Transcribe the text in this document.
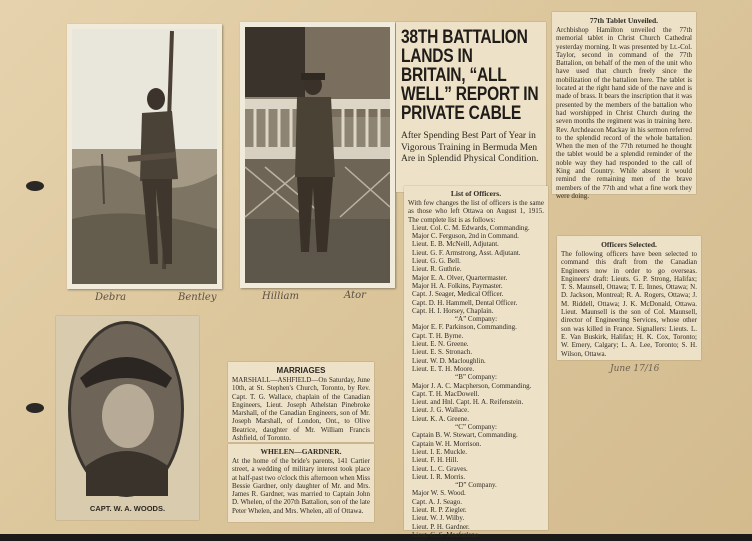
Debra	Bentley	Hilliam	Ator
CAPT. W. A. WOODS.
38TH BATTALION LANDS IN BRITAIN, “ALL WELL” REPORT IN PRIVATE CABLE
After Spending Best Part of Year in Vigorous Training in Bermuda Men Are in Splendid Physical Condition.
List of Officers.
With few changes the list of officers is the same as those who left Ottawa on August 1, 1915. The complete list is as follows:
Lieut. Col. C. M. Edwards, Commanding.
Major C. Ferguson, 2nd in Command.
Lieut. E. B. McNeill, Adjutant.
Lieut. G. F. Armstrong, Asst. Adjutant.
Lieut. G. G. Bell.
Lieut. R. Guthrie.
Major E. A. Olver, Quartermaster.
Major H. A. Folkins, Paymaster.
Capt. J. Seager, Medical Officer.
Capt. D. H. Hammell, Dental Officer.
Capt. H. I. Horsey, Chaplain.
“A” Company:
Major E. F. Parkinson, Commanding.
Capt. T. H. Byrne.
Lieut. E. N. Greene.
Lieut. E. S. Stronach.
Lieut. W. D. Macloughlin.
Lieut. E. T. H. Moore.
“B” Company:
Major J. A. C. Macpherson, Commanding.
Capt. T. H. MacDowell.
Lieut. and Hnl. Capt. H. A. Reifenstein.
Lieut. J. G. Wallace.
Lieut. K. A. Greene.
“C” Company:
Captain B. W. Stewart, Commanding.
Captain W. H. Morrison.
Lieut. I. E. Muckle.
Lieut. F. H. Hill.
Lieut. L. C. Graves.
Lieut. I. R. Morris.
“D” Company.
Major W. S. Wood.
Capt. A. J. Seago.
Lieut. R. P. Ziegler.
Lieut. W. J. Wilby.
Lieut. P. H. Gardner.
Lieut. G. S. Macfarlane.
77th Tablet Unveiled.
Archbishop Hamilton unveiled the 77th memorial tablet in Christ Church Cathedral yesterday morning. It was presented by Lt.-Col. Taylor, second in command of the 77th Battalion, on behalf of the men of the unit who have used that church freely since the mobilization of the battalion here. The tablet is located at the right hand side of the nave and is made of brass. It bears the inscription that it was presented by the members of the battalion who had worshipped in Christ Church during the seven months the regiment was in training here. Rev. Archdeacon Mackay in his sermon referred to the splendid record of the whole battalion. When the men of the 77th returned he thought the tablet would be a splendid reminder of the noble way they had responded to the call of King and Country. While absent it would remind the remaining men of the brave members of the 77th and what a fine work they were doing.
Officers Selected.
The following officers have been selected to command this draft from the Canadian Engineers now in order to go overseas. Engineers' draft: Lieuts. G. P. Strong, Halifax; T. S. Maunsell, Ottawa; T. E. Innes, Ottawa; N. D. Jackson, Montreal; R. A. Rogers, Ottawa; J. M. Riddell, Ottawa; J. K. McDonald, Ottawa. Lieut. Maunsell is the son of Col. Maunsell, director of Engineering Services, whose other son was killed in France. Signallers: Lieuts. L. E. Van Buskirk, Halifax; H. K. Cox, Toronto; W. Emery, Calgary; L. A. Lee, Toronto; S. H. Wilson, Ottawa.
June 17/16
MARRIAGES
MARSHALL—ASHFIELD—On Saturday, June 10th, at St. Stephen's Church, Toronto, by Rev. Capt. T. G. Wallace, chaplain of the Canadian Engineers, Lieut. Joseph Athelstan Pinebroke Marshall, of the Canadian Engineers, son of Mr. Joseph Marshall, of London, Ont., to Olive Beatrice, daughter of Mr. William Francis Ashfield, of Toronto.
WHELEN—GARDNER.
At the home of the bride's parents, 141 Cartier street, a wedding of military interest took place at half-past two o'clock this afternoon when Miss Bessie Gardner, only daughter of Mr. and Mrs. James R. Gardner, was married to Captain John D. Whelen, of the 207th Battalion, son of the late Peter Whelen, and Mrs. Whelen, all of Ottawa.
